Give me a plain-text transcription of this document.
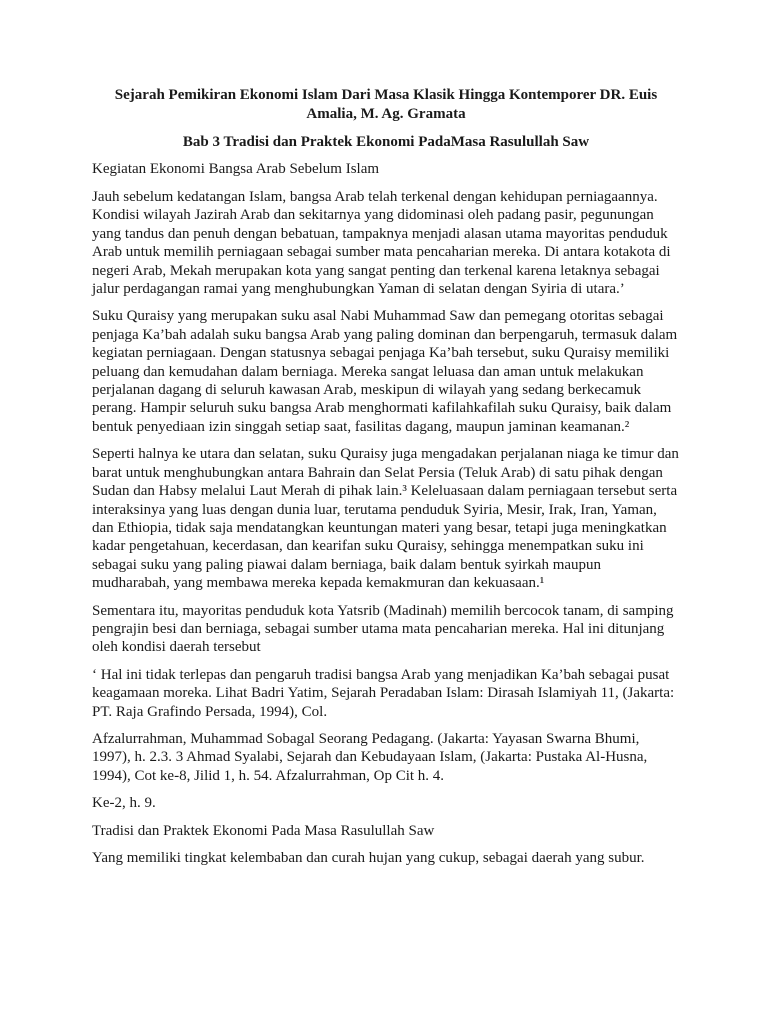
Sejarah Pemikiran Ekonomi Islam Dari Masa Klasik Hingga Kontemporer DR. Euis Amalia, M. Ag. Gramata
Bab 3 Tradisi dan Praktek Ekonomi PadaMasa Rasulullah Saw

Kegiatan Ekonomi Bangsa Arab Sebelum Islam

Jauh sebelum kedatangan Islam, bangsa Arab telah terkenal dengan kehidupan perniagaannya. Kondisi wilayah Jazirah Arab dan sekitarnya yang didominasi oleh padang pasir, pegunungan yang tandus dan penuh dengan bebatuan, tampaknya menjadi alasan utama mayoritas penduduk Arab untuk memilih perniagaan sebagai sumber mata pencaharian mereka. Di antara kotakota di negeri Arab, Mekah merupakan kota yang sangat penting dan terkenal karena letaknya sebagai jalur perdagangan ramai yang menghubungkan Yaman di selatan dengan Syiria di utara.’

Suku Quraisy yang merupakan suku asal Nabi Muhammad Saw dan pemegang otoritas sebagai penjaga Ka’bah adalah suku bangsa Arab yang paling dominan dan berpengaruh, termasuk dalam kegiatan perniagaan. Dengan statusnya sebagai penjaga Ka’bah tersebut, suku Quraisy memiliki peluang dan kemudahan dalam berniaga. Mereka sangat leluasa dan aman untuk melakukan perjalanan dagang di seluruh kawasan Arab, meskipun di wilayah yang sedang berkecamuk perang. Hampir seluruh suku bangsa Arab menghormati kafilahkafilah suku Quraisy, baik dalam bentuk penyediaan izin singgah setiap saat, fasilitas dagang, maupun jaminan keamanan.²

Seperti halnya ke utara dan selatan, suku Quraisy juga mengadakan perjalanan niaga ke timur dan barat untuk menghubungkan antara Bahrain dan Selat Persia (Teluk Arab) di satu pihak dengan Sudan dan Habsy melalui Laut Merah di pihak lain.³ Keleluasaan dalam perniagaan tersebut serta interaksinya yang luas dengan dunia luar, terutama penduduk Syiria, Mesir, Irak, Iran, Yaman, dan Ethiopia, tidak saja mendatangkan keuntungan materi yang besar, tetapi juga meningkatkan kadar pengetahuan, kecerdasan, dan kearifan suku Quraisy, sehingga menempatkan suku ini sebagai suku yang paling piawai dalam berniaga, baik dalam bentuk syirkah maupun mudharabah, yang membawa mereka kepada kemakmuran dan kekuasaan.¹

Sementara itu, mayoritas penduduk kota Yatsrib (Madinah) memilih bercocok tanam, di samping pengrajin besi dan berniaga, sebagai sumber utama mata pencaharian mereka. Hal ini ditunjang oleh kondisi daerah tersebut

‘ Hal ini tidak terlepas dan pengaruh tradisi bangsa Arab yang menjadikan Ka’bah sebagai pusat keagamaan moreka. Lihat Badri Yatim, Sejarah Peradaban Islam: Dirasah Islamiyah 11, (Jakarta: PT. Raja Grafindo Persada, 1994), Col.

Afzalurrahman, Muhammad Sobagal Seorang Pedagang. (Jakarta: Yayasan Swarna Bhumi, 1997), h. 2.3. 3 Ahmad Syalabi, Sejarah dan Kebudayaan Islam, (Jakarta: Pustaka Al-Husna, 1994), Cot ke-8, Jilid 1, h. 54. Afzalurrahman, Op Cit h. 4.

Ke-2, h. 9.

Tradisi dan Praktek Ekonomi Pada Masa Rasulullah Saw

Yang memiliki tingkat kelembaban dan curah hujan yang cukup, sebagai daerah yang subur.
